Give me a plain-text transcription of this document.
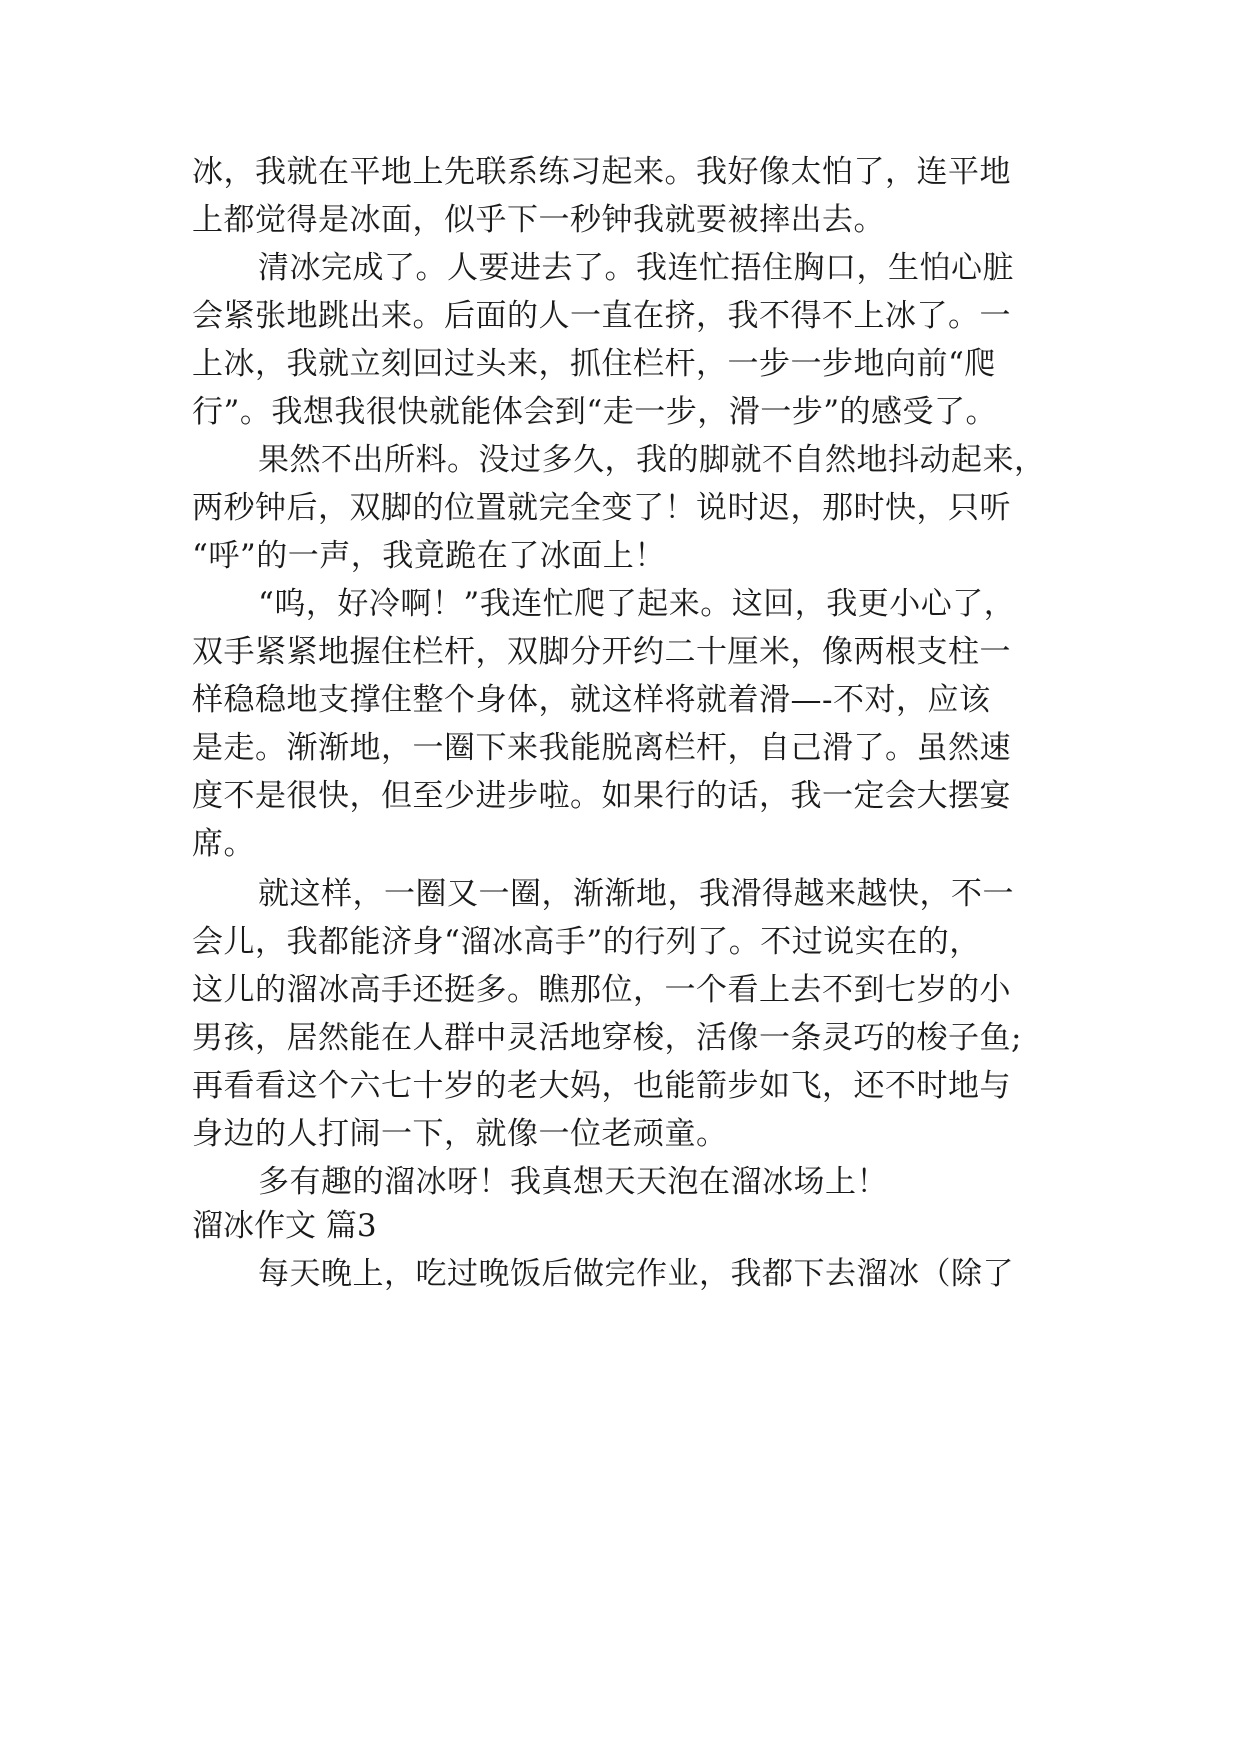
冰，我就在平地上先联系练习起来。我好像太怕了，连平地
上都觉得是冰面，似乎下一秒钟我就要被摔出去。
清冰完成了。人要进去了。我连忙捂住胸口，生怕心脏
会紧张地跳出来。后面的人一直在挤，我不得不上冰了。一
上冰，我就立刻回过头来，抓住栏杆，一步一步地向前“爬
行”。我想我很快就能体会到“走一步，滑一步”的感受了。
果然不出所料。没过多久，我的脚就不自然地抖动起来，
两秒钟后，双脚的位置就完全变了！说时迟，那时快，只听
“呼”的一声，我竟跪在了冰面上！
“呜，好冷啊！”我连忙爬了起来。这回，我更小心了，
双手紧紧地握住栏杆，双脚分开约二十厘米，像两根支柱一
样稳稳地支撑住整个身体，就这样将就着滑—-不对，应该
是走。渐渐地，一圈下来我能脱离栏杆，自己滑了。虽然速
度不是很快，但至少进步啦。如果行的话，我一定会大摆宴
席。
就这样，一圈又一圈，渐渐地，我滑得越来越快，不一
会儿，我都能济身“溜冰高手”的行列了。不过说实在的，
这儿的溜冰高手还挺多。瞧那位，一个看上去不到七岁的小
男孩，居然能在人群中灵活地穿梭，活像一条灵巧的梭子鱼;
再看看这个六七十岁的老大妈，也能箭步如飞，还不时地与
身边的人打闹一下，就像一位老顽童。
多有趣的溜冰呀！我真想天天泡在溜冰场上！
溜冰作文 篇3
每天晚上，吃过晚饭后做完作业，我都下去溜冰（除了
